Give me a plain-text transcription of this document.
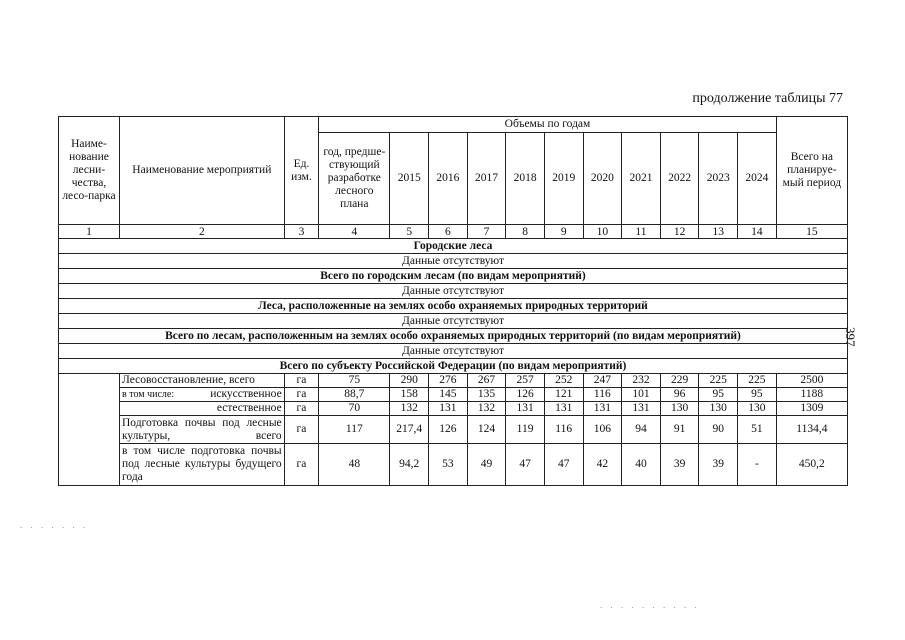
продолжение таблицы 77
397
Наиме-нование лесни-чества, лесо-парка	Наименование мероприятий	Ед. изм.	Объемы по годам											Всего на планируе-мый период
			год, предше-ствующий разработке лесного плана	2015	2016	2017	2018	2019	2020	2021	2022	2023	2024	
1	2	3	4	5	6	7	8	9	10	11	12	13	14	15
Городские леса														
Данные отсутствуют														
Всего по городским лесам (по видам мероприятий)														
Данные отсутствуют														
Леса, расположенные на землях особо охраняемых природных территорий														
Данные отсутствуют														
Всего по лесам, расположенным на землях особо охраняемых природных территорий (по видам мероприятий)														
Данные отсутствуют														
Всего по субъекту Российской Федерации (по видам мероприятий)														
	Лесовосстановление, всего	га	75	290	276	267	257	252	247	232	229	225	225	2500
	в том числе: искусственное	га	88,7	158	145	135	126	121	116	101	96	95	95	1188
	естественное	га	70	132	131	132	131	131	131	131	130	130	130	1309
	Подготовка почвы под лесные культуры, всего	га	117	217,4	126	124	119	116	106	94	91	90	51	1134,4
	в том числе подготовка почвы под лесные культуры будущего года	га	48	94,2	53	49	47	47	42	40	39	39	-	450,2
. . . . . . .
. . . . . . . . . .
